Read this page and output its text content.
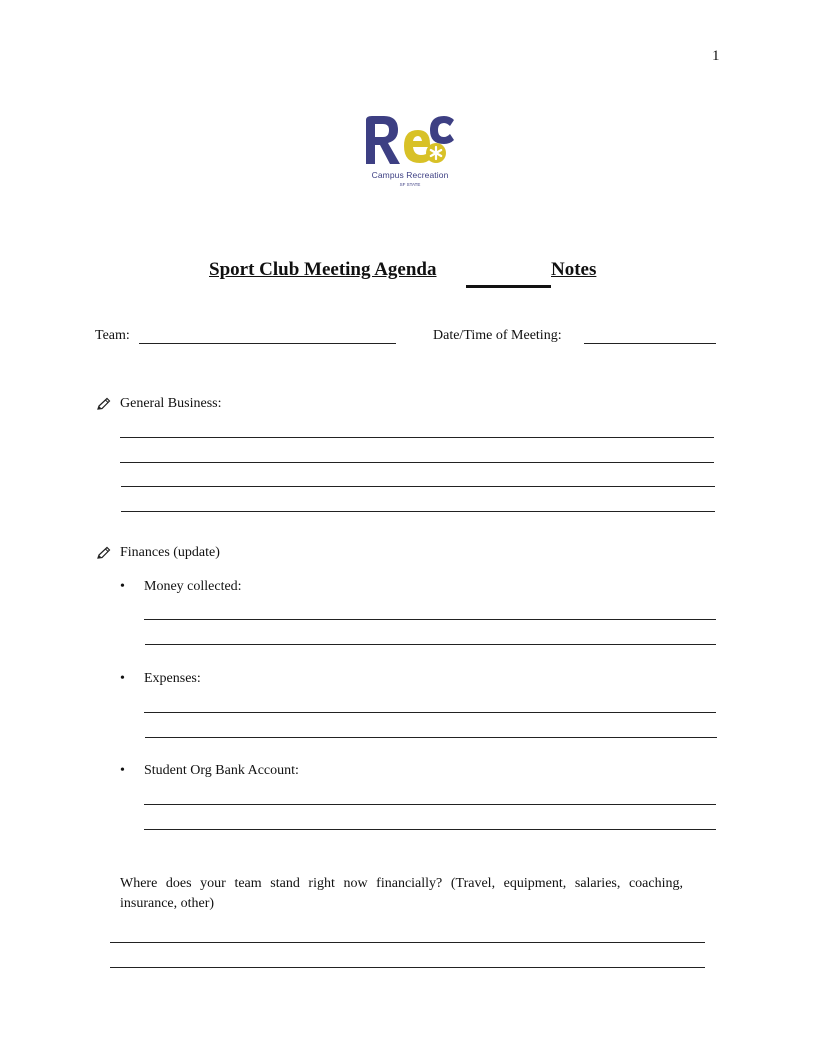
1
Campus Recreation
SF STATE
Sport Club Meeting Agenda	Notes
Team:	Date/Time of Meeting:
General Business:
Finances (update)
• Money collected:
• Expenses:
• Student Org Bank Account:
Where does your team stand right now financially? (Travel, equipment, salaries, coaching, insurance, other)
